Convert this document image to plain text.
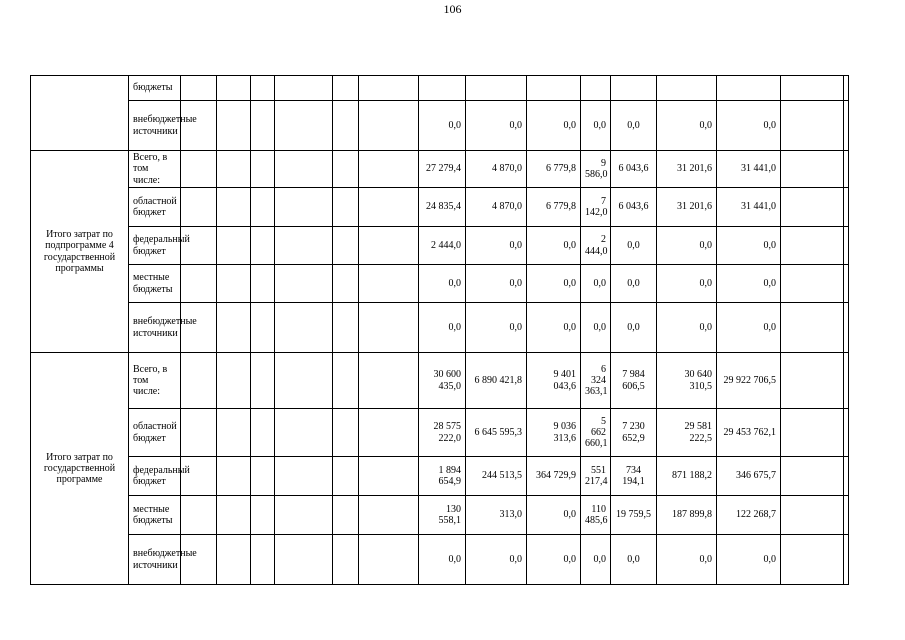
106
	бюджеты															
	внебюджетные источники							0,0	0,0	0,0	0,0	0,0	0,0	0,0		
Итого затрат по подпрограмме 4 государственной программы	Всего, в том числе:							27 279,4	4 870,0	6 779,8	9 586,0	6 043,6	31 201,6	31 441,0		
	областной бюджет							24 835,4	4 870,0	6 779,8	7 142,0	6 043,6	31 201,6	31 441,0		
	федеральный бюджет							2 444,0	0,0	0,0	2 444,0	0,0	0,0	0,0		
	местные бюджеты							0,0	0,0	0,0	0,0	0,0	0,0	0,0		
	внебюджетные источники							0,0	0,0	0,0	0,0	0,0	0,0	0,0		
Итого затрат по государственной программе	Всего, в том числе:							30 600 435,0	6 890 421,8	9 401 043,6	6 324 363,1	7 984 606,5	30 640 310,5	29 922 706,5		
	областной бюджет							28 575 222,0	6 645 595,3	9 036 313,6	5 662 660,1	7 230 652,9	29 581 222,5	29 453 762,1		
	федеральный бюджет							1 894 654,9	244 513,5	364 729,9	551 217,4	734 194,1	871 188,2	346 675,7		
	местные бюджеты							130 558,1	313,0	0,0	110 485,6	19 759,5	187 899,8	122 268,7		
	внебюджетные источники							0,0	0,0	0,0	0,0	0,0	0,0	0,0		
